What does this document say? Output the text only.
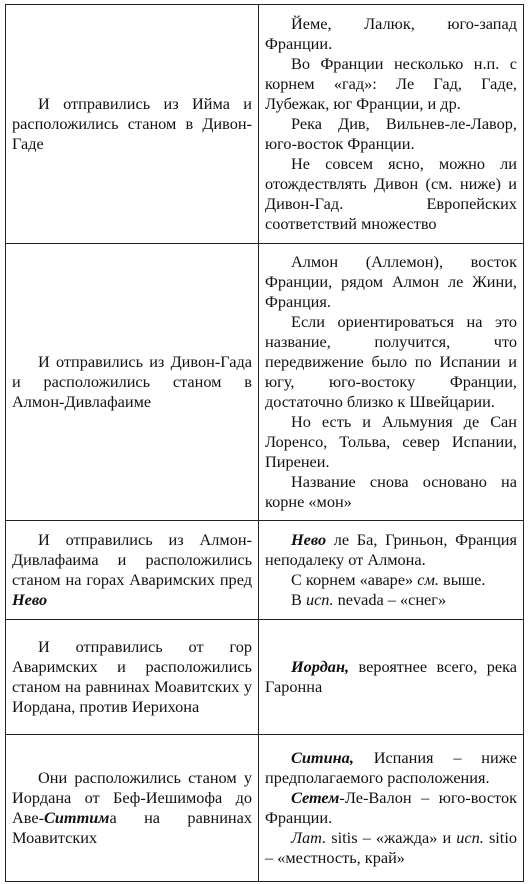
И отправились из Ийма и расположились станом в Дивон-Гаде	Йеме, Лалюк, юго-запад Франции.

Во Франции несколько н.п. с корнем «гад»: Ле Гад, Гаде, Лубежак, юг Франции, и др.

Река Див, Вильнев-ле-Лавор, юго-восток Франции.

Не совсем ясно, можно ли отождествлять Дивон (см. ниже) и Дивон-Гад. Европейских соответствий множество

И отправились из Дивон-Гада и расположились станом в Алмон-Дивлафаиме	Алмон (Аллемон), восток Франции, рядом Алмон ле Жини, Франция.

Если ориентироваться на это название, получится, что передвижение было по Испании и югу, юго-востоку Франции, достаточно близко к Швейцарии.

Но есть и Альмуния де Сан Лоренсо, Тольва, север Испании, Пиренеи.

Название снова основано на корне «мон»

И отправились из Алмон-Дивлафаима и расположились станом на горах Аваримских пред Нево	Нево ле Ба, Гриньон, Франция неподалеку от Алмона.

С корнем «аваре» см. выше.

В исп. nevada – «снег»

И отправились от гор Аваримских и расположились станом на равнинах Моавитских у Иордана, против Иерихона	Иордан, вероятнее всего, река Гаронна

Они расположились станом у Иордана от Беф-Иешимофа до Аве-Ситтима на равнинах Моавитских	Ситина, Испания – ниже предполагаемого расположения.

Сетем-Ле-Валон – юго-восток Франции.

Лат. sitis – «жажда» и исп. sitio – «местность, край»
